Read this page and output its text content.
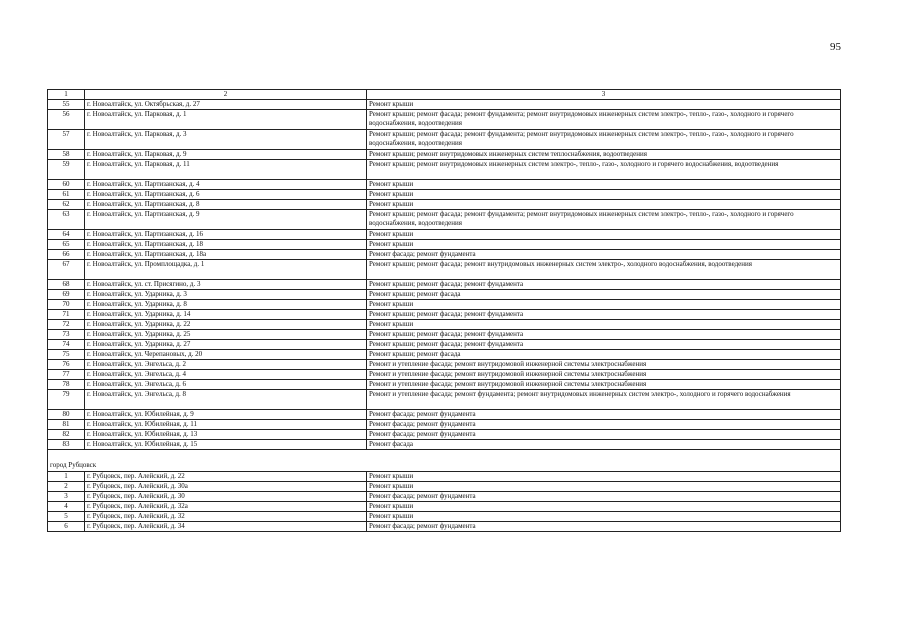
95
1	2	3
55	г. Новоалтайск, ул. Октябрьская, д. 27	Ремонт крыши
56	г. Новоалтайск, ул. Парковая, д. 1	Ремонт крыши; ремонт фасада; ремонт фундамента; ремонт внутридомовых инженерных систем электро-, тепло-, газо-, холодного и горячего водоснабжения, водоотведения
57	г. Новоалтайск, ул. Парковая, д. 3	Ремонт крыши; ремонт фасада; ремонт фундамента; ремонт внутридомовых инженерных систем электро-, тепло-, газо-, холодного и горячего водоснабжения, водоотведения
58	г. Новоалтайск, ул. Парковая, д. 9	Ремонт крыши; ремонт внутридомовых инженерных систем теплоснабжения, водоотведения
59	г. Новоалтайск, ул. Парковая, д. 11	Ремонт крыши; ремонт внутридомовых инженерных систем электро-, тепло-, газо-, холодного и горячего водоснабжения, водоотведения
60	г. Новоалтайск, ул. Партизанская, д. 4	Ремонт крыши
61	г. Новоалтайск, ул. Партизанская, д. 6	Ремонт крыши
62	г. Новоалтайск, ул. Партизанская, д. 8	Ремонт крыши
63	г. Новоалтайск, ул. Партизанская, д. 9	Ремонт крыши; ремонт фасада; ремонт фундамента; ремонт внутридомовых инженерных систем электро-, тепло-, газо-, холодного и горячего водоснабжения, водоотведения
64	г. Новоалтайск, ул. Партизанская, д. 16	Ремонт крыши
65	г. Новоалтайск, ул. Партизанская, д. 18	Ремонт крыши
66	г. Новоалтайск, ул. Партизанская, д. 18а	Ремонт фасада; ремонт фундамента
67	г. Новоалтайск, ул. Промплощадка, д. 1	Ремонт крыши; ремонт фасада; ремонт внутридомовых инженерных систем электро-, холодного водоснабжения, водоотведения
68	г. Новоалтайск, ул. ст. Присягино, д. 3	Ремонт крыши; ремонт фасада; ремонт фундамента
69	г. Новоалтайск, ул. Ударника, д. 3	Ремонт крыши; ремонт фасада
70	г. Новоалтайск, ул. Ударника, д. 8	Ремонт крыши
71	г. Новоалтайск, ул. Ударника, д. 14	Ремонт крыши; ремонт фасада; ремонт фундамента
72	г. Новоалтайск, ул. Ударника, д. 22	Ремонт крыши
73	г. Новоалтайск, ул. Ударника, д. 25	Ремонт крыши; ремонт фасада; ремонт фундамента
74	г. Новоалтайск, ул. Ударника, д. 27	Ремонт крыши; ремонт фасада; ремонт фундамента
75	г. Новоалтайск, ул. Черепановых, д. 20	Ремонт крыши; ремонт фасада
76	г. Новоалтайск, ул. Энгельса, д. 2	Ремонт и утепление фасада; ремонт внутридомовой инженерной системы электроснабжения
77	г. Новоалтайск, ул. Энгельса, д. 4	Ремонт и утепление фасада; ремонт внутридомовой инженерной системы электроснабжения
78	г. Новоалтайск, ул. Энгельса, д. 6	Ремонт и утепление фасада; ремонт внутридомовой инженерной системы электроснабжения
79	г. Новоалтайск, ул. Энгельса, д. 8	Ремонт и утепление фасада; ремонт фундамента; ремонт внутридомовых инженерных систем электро-, холодного и горячего водоснабжения
80	г. Новоалтайск, ул. Юбилейная, д. 9	Ремонт фасада; ремонт фундамента
81	г. Новоалтайск, ул. Юбилейная, д. 11	Ремонт фасада; ремонт фундамента
82	г. Новоалтайск, ул. Юбилейная, д. 13	Ремонт фасада; ремонт фундамента
83	г. Новоалтайск, ул. Юбилейная, д. 15	Ремонт фасада
город Рубцовск		
1	г. Рубцовск, пер. Алейский, д. 22	Ремонт крыши
2	г. Рубцовск, пер. Алейский, д. 30а	Ремонт крыши
3	г. Рубцовск, пер. Алейский, д. 30	Ремонт фасада; ремонт фундамента
4	г. Рубцовск, пер. Алейский, д. 32а	Ремонт крыши
5	г. Рубцовск, пер. Алейский, д. 32	Ремонт крыши
6	г. Рубцовск, пер. Алейский, д. 34	Ремонт фасада; ремонт фундамента
